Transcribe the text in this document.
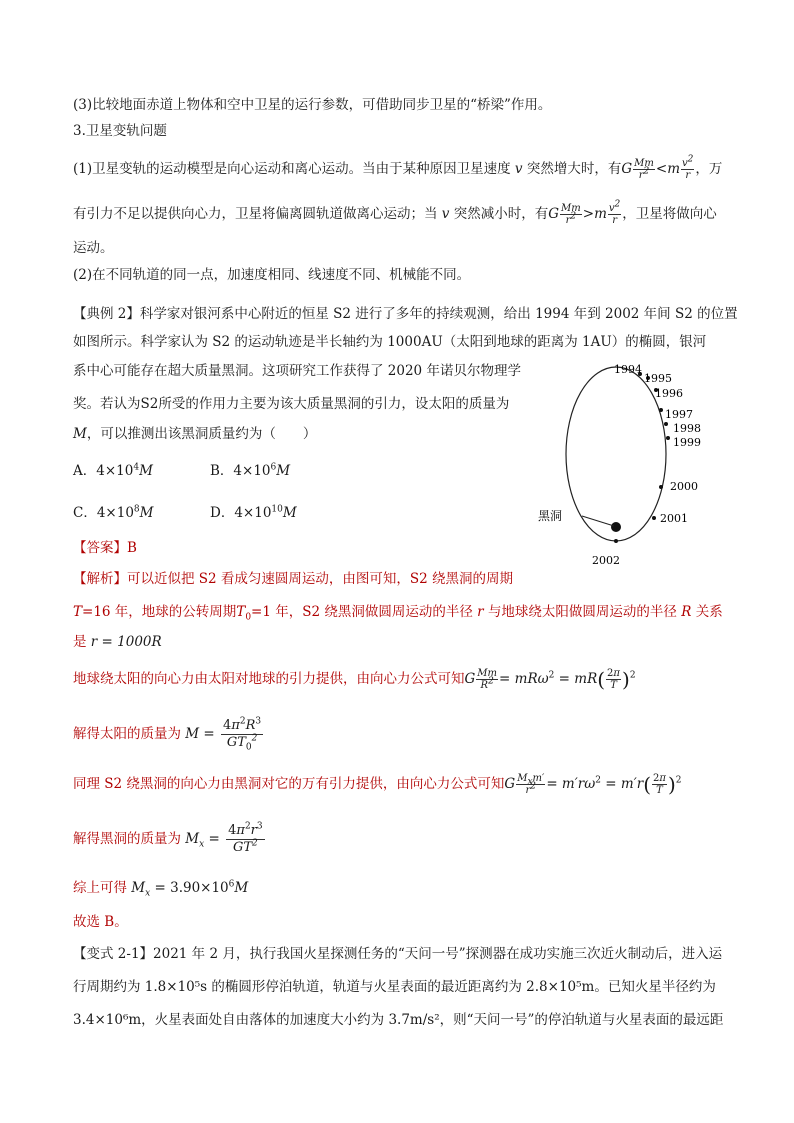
(3)比较地面赤道上物体和空中卫星的运行参数，可借助同步卫星的“桥梁”作用。
3.卫星变轨问题
(1)卫星变轨的运动模型是向心运动和离心运动。当由于某种原因卫星速度 v 突然增大时，有G $\frac{Mm}{r^2} <m \frac{v^2}{r}$ ，万
有引力不足以提供向心力，卫星将偏离圆轨道做离心运动；当 v 突然减小时，有G $\frac{Mm}{r^2} >m \frac{v^2}{r}$ ，卫星将做向心
运动。
(2)在不同轨道的同一点，加速度相同、线速度不同、机械能不同。
【典例 2】科学家对银河系中心附近的恒星 S2 进行了多年的持续观测，给出 1994 年到 2002 年间 S2 的位置
如图所示。科学家认为 S2 的运动轨迹是半长轴约为 1000AU（太阳到地球的距离为 1AU）的椭圆，银河
系中心可能存在超大质量黑洞。这项研究工作获得了 2020 年诺贝尔物理学
奖。若认为S2所受的作用力主要为该大质量黑洞的引力，设太阳的质量为
M，可以推测出该黑洞质量约为（　　）
A．$4\times 10^4M$	B．$4\times 10^6M$
C．$4\times 10^8M$	D．$4\times 10^{10}M$	黑洞
1994
1995
1996
1997
1998
1999
2000
2001
2002
【答案】B
【解析】可以近似把 S2 看成匀速圆周运动，由图可知，S2 绕黑洞的周期
T=16 年，地球的公转周期$T_0=1$ 年，S2 绕黑洞做圆周运动的半径 r 与地球绕太阳做圆周运动的半径 R 关系
是 r = 1000R
地球绕太阳的向心力由太阳对地球的引力提供，由向心力公式可知G $\frac{Mm}{R^2} = mR\omega^2 = mR( \frac{2\pi}{T} )^2$
解得太阳的质量为 $M = \frac{4\pi^2R^3}{GT_0^2}$
同理 S2 绕黑洞的向心力由黑洞对它的万有引力提供，由向心力公式可知G $\frac{M_xm'}{r^2} = m'r\omega^2 = m'r( \frac{2\pi}{T} )^2$
解得黑洞的质量为 $M_x = \frac{4\pi^2r^3}{GT^2}$
综上可得 $M_x = 3.90\times 10^6M$
故选 B。
【变式 2-1】2021 年 2 月，执行我国火星探测任务的“天问一号”探测器在成功实施三次近火制动后，进入运
行周期约为 1.8×10⁵s 的椭圆形停泊轨道，轨道与火星表面的最近距离约为 2.8×10⁵m。已知火星半径约为
3.4×10⁶m，火星表面处自由落体的加速度大小约为 3.7m/s²，则“天问一号”的停泊轨道与火星表面的最远距
